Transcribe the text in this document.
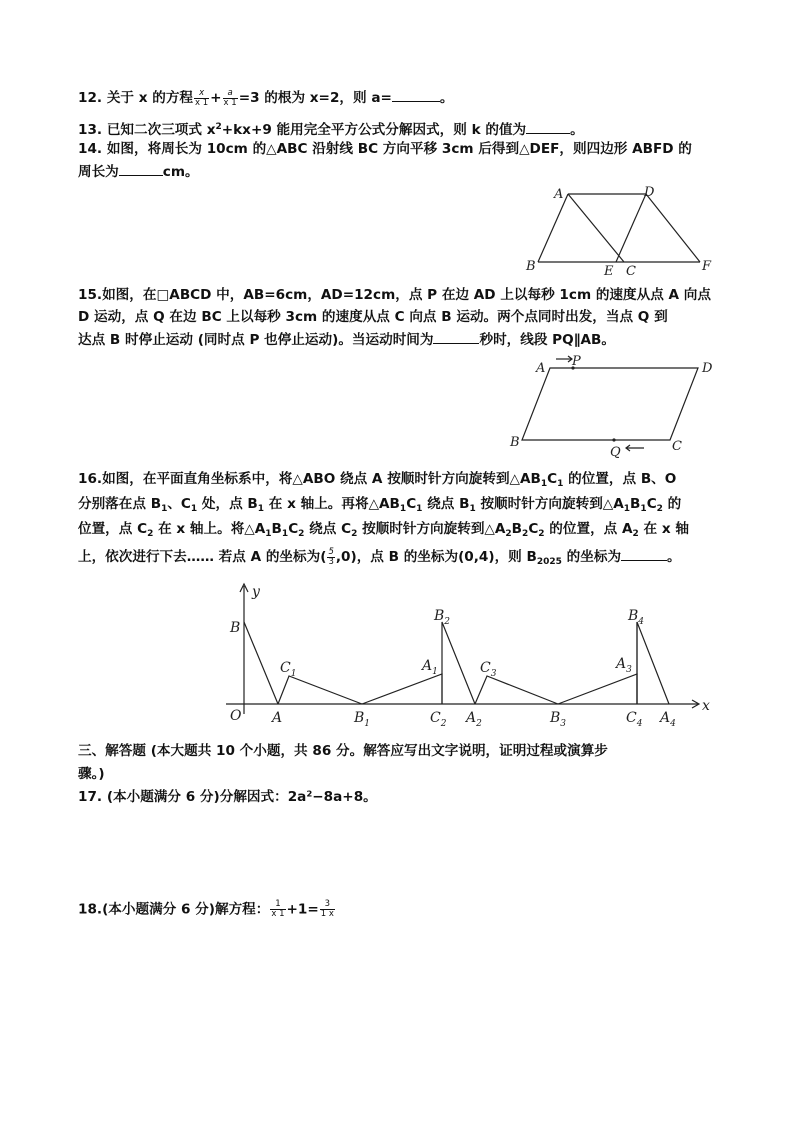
12. 关于 x 的方程 $\frac{x}{x 1} + \frac{a}{x 1} =3$ 的根为 x=2，则 a=	。
13. 已知二次三项式 $x^2+kx+9$ 能用完全平方公式分解因式，则 k 的值为	。
14. 如图，将周长为 10cm 的△ABC 沿射线 BC 方向平移 3cm 后得到△DEF，则四边形 ABFD 的
周长为	cm。
A	D
B	E C	F
15.如图，在□ABCD 中，AB=6cm，AD=12cm，点 P 在边 AD 上以每秒 1cm 的速度从点 A 向点
D 运动，点 Q 在边 BC 上以每秒 3cm 的速度从点 C 向点 B 运动。两个点同时出发，当点 Q 到
达点 B 时停止运动 (同时点 P 也停止运动)。当运动时间为	秒时，线段 PQ∥AB。
A P	D
B
Q	C
16.如图，在平面直角坐标系中，将△ABO 绕点 A 按顺时针方向旋转到$\triangle AB_1C_1$ 的位置，点 B、O
分别落在点 $B_1$、$C_1$ 处，点 $B_1$ 在 x 轴上。再将$\triangle AB_1C_1$ 绕点 $B_1$ 按顺时针方向旋转到$\triangle A_1B_1C_2$ 的
位置，点 $C_2$ 在 x 轴上。将$\triangle A_1B_1C_2$ 绕点 $C_2$ 按顺时针方向旋转到$\triangle A_2B_2C_2$ 的位置，点 $A_2$ 在 x 轴
上，依次进行下去…… 若点 A 的坐标为( $\frac{5}{3} ,0$)，点 B 的坐标为(0,4)，则 $B_{2025}$ 的坐标为	。
y
x
O
B
A
$C_1$
$B_1$
$A_1$
$B_2$
$C_2$ $A_2$
$C_3$
$B_3$
$A_3$
$B_4$
$C_4$ $A_4$
三、解答题 (本大题共 10 个小题，共 86 分。解答应写出文字说明，证明过程或演算步
骤。)
17. (本小题满分 6 分)分解因式：2a²−8a+8。
18.(本小题满分 6 分)解方程： $\frac{1}{x 1} +1= \frac{3}{1 x}$
